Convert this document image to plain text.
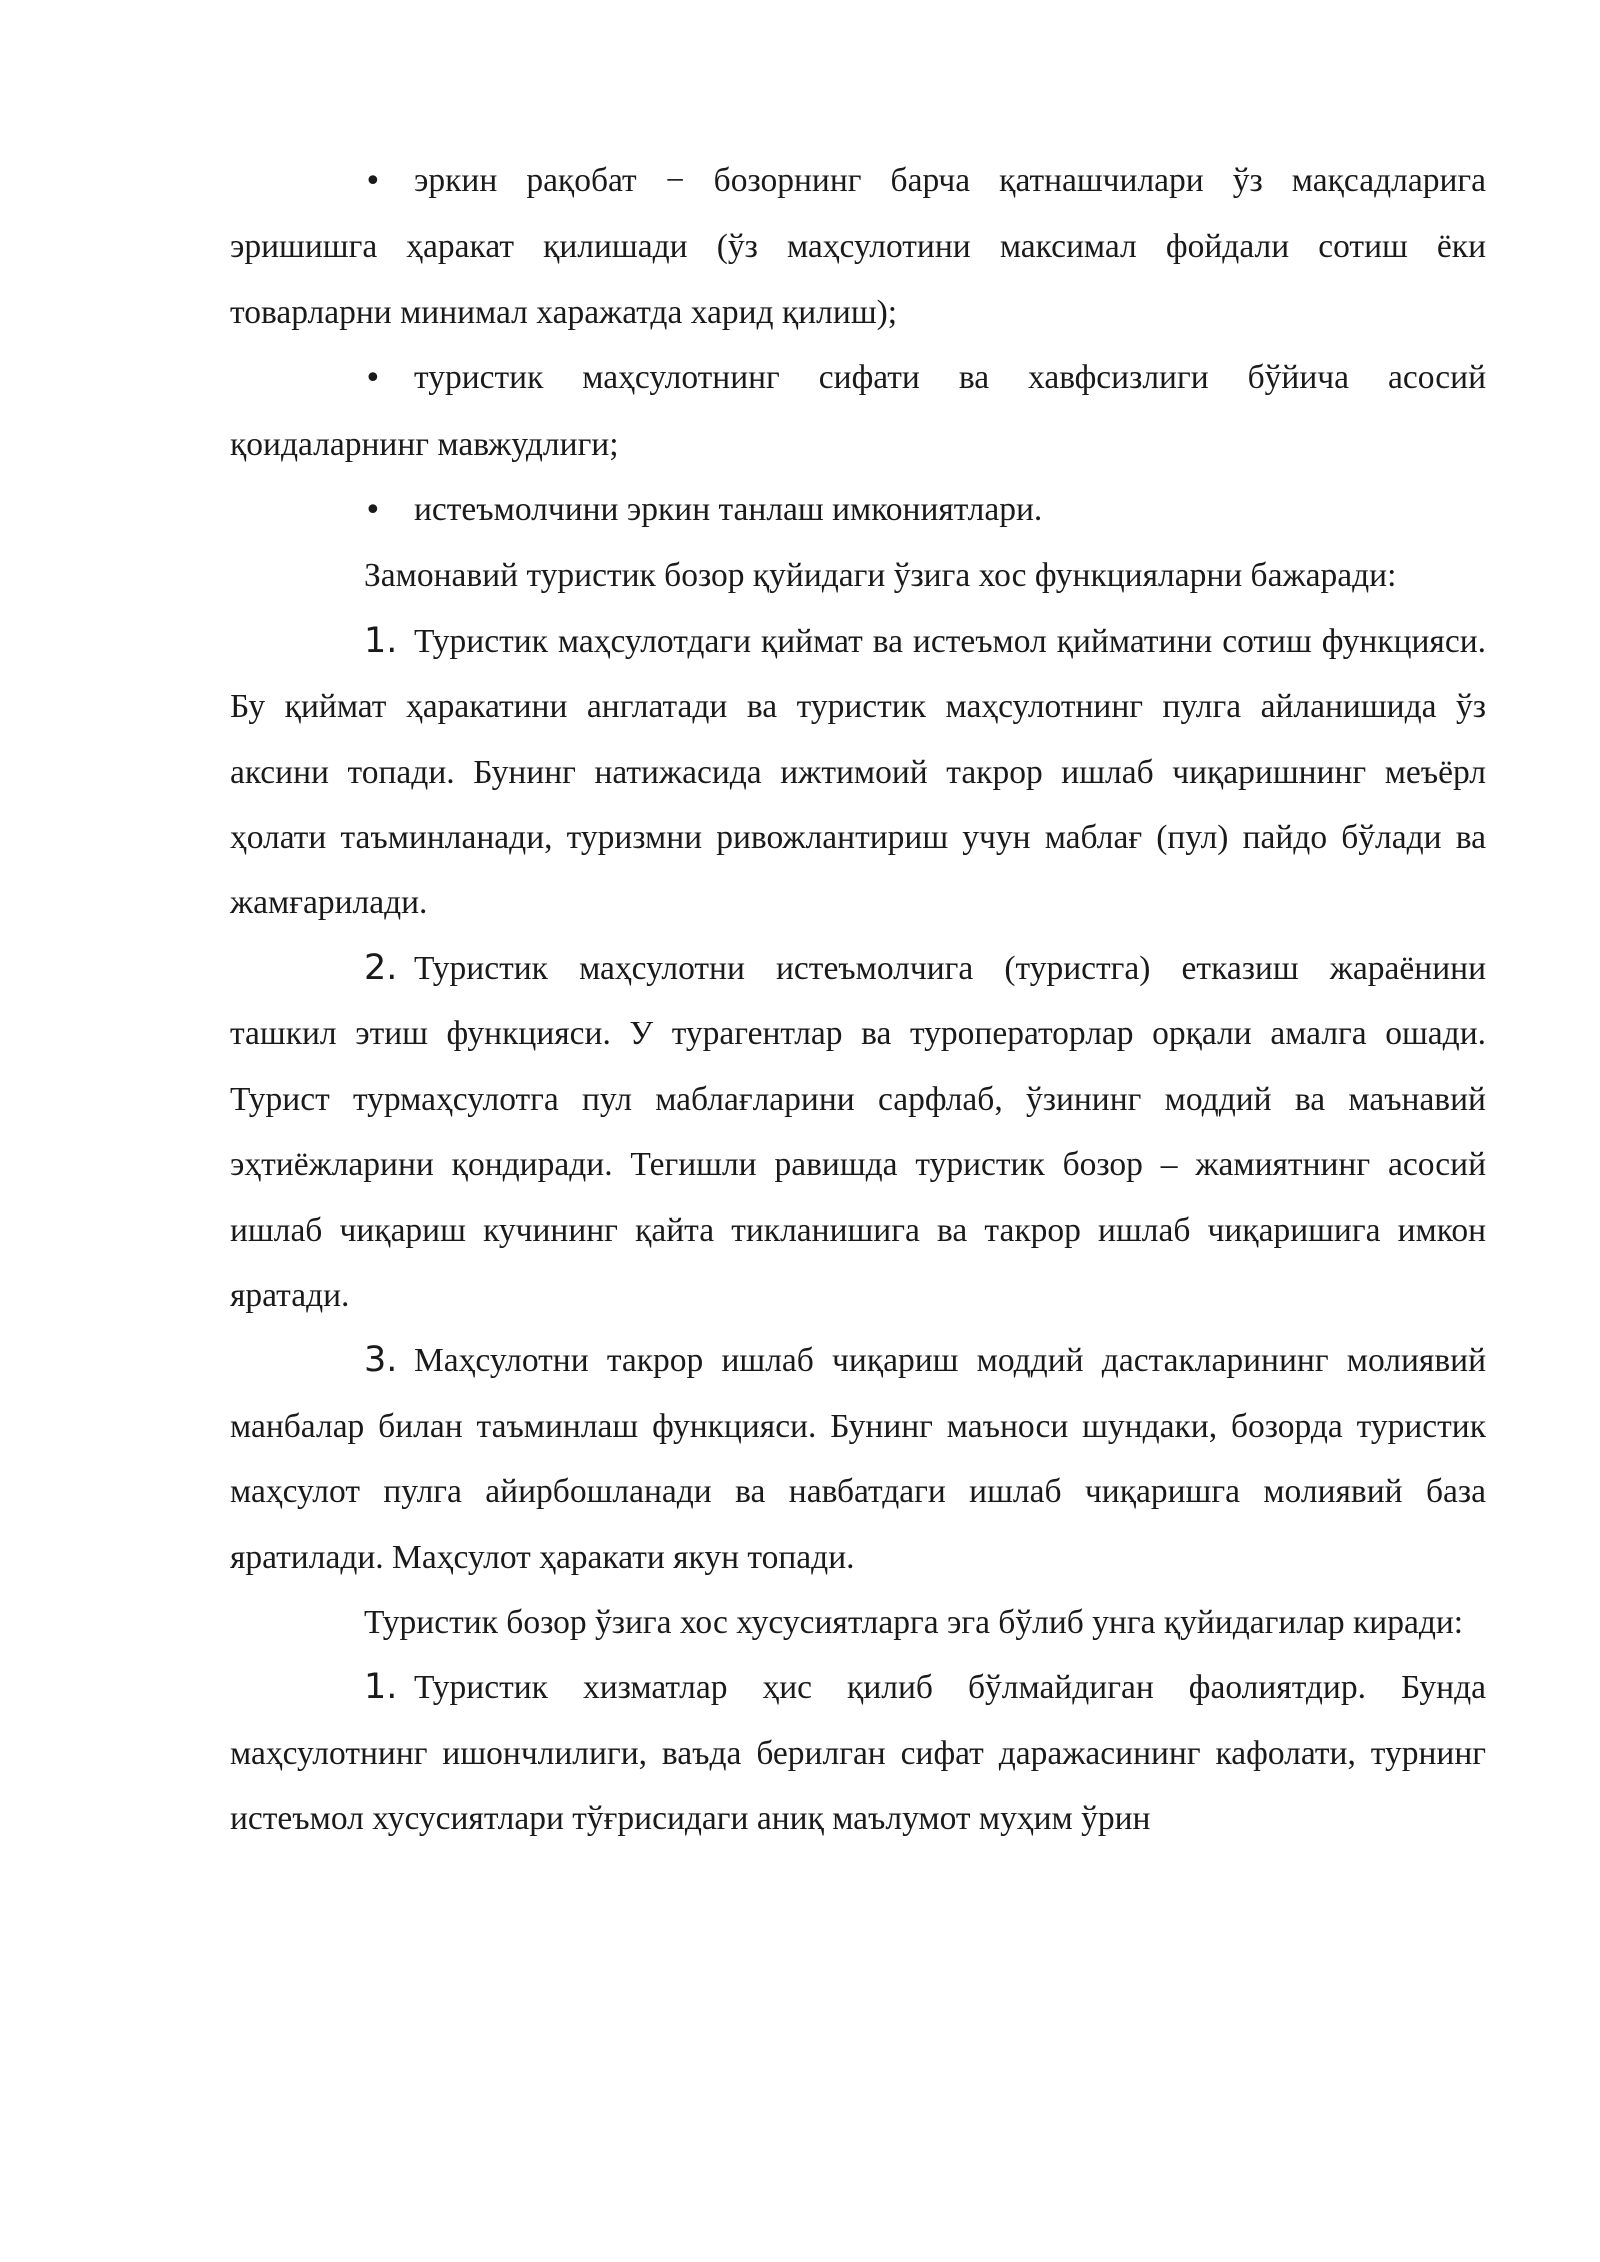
• эркин рақобат − бозорнинг барча қатнашчилари ўз мақсадларига эришишга ҳаракат қилишади (ўз маҳсулотини максимал фойдали сотиш ёки товарларни минимал харажатда харид қилиш);

• туристик маҳсулотнинг сифати ва хавфсизлиги бўйича асосий қоидаларнинг мавжудлиги;

• истеъмолчини эркин танлаш имкониятлари.

Замонавий туристик бозор қуйидаги ўзига хос функцияларни бажаради:

1. Туристик маҳсулотдаги қиймат ва истеъмол қийматини сотиш функцияси. Бу қиймат ҳаракатини англатади ва туристик маҳсулотнинг пулга айланишида ўз аксини топади. Бунинг натижасида ижтимоий такрор ишлаб чиқаришнинг меъёрл ҳолати таъминланади, туризмни ривожлантириш учун маблағ (пул) пайдо бўлади ва жамғарилади.

2. Туристик маҳсулотни истеъмолчига (туристга) етказиш жараёнини ташкил этиш функцияси. У турагентлар ва туроператорлар орқали амалга ошади. Турист турмаҳсулотга пул маблағларини сарфлаб, ўзининг моддий ва маънавий эҳтиёжларини қондиради. Тегишли равишда туристик бозор – жамиятнинг асосий ишлаб чиқариш кучининг қайта тикланишига ва такрор ишлаб чиқаришига имкон яратади.

3. Маҳсулотни такрор ишлаб чиқариш моддий дастакларининг молиявий манбалар билан таъминлаш функцияси. Бунинг маъноси шундаки, бозорда туристик маҳсулот пулга айирбошланади ва навбатдаги ишлаб чиқаришга молиявий база яратилади. Маҳсулот ҳаракати якун топади.

Туристик бозор ўзига хос хусусиятларга эга бўлиб унга қуйидагилар киради:

1. Туристик хизматлар ҳис қилиб бўлмайдиган фаолиятдир. Бунда маҳсулотнинг ишончлилиги, ваъда берилган сифат даражасининг кафолати, турнинг истеъмол хусусиятлари тўғрисидаги аниқ маълумот муҳим ўрин
